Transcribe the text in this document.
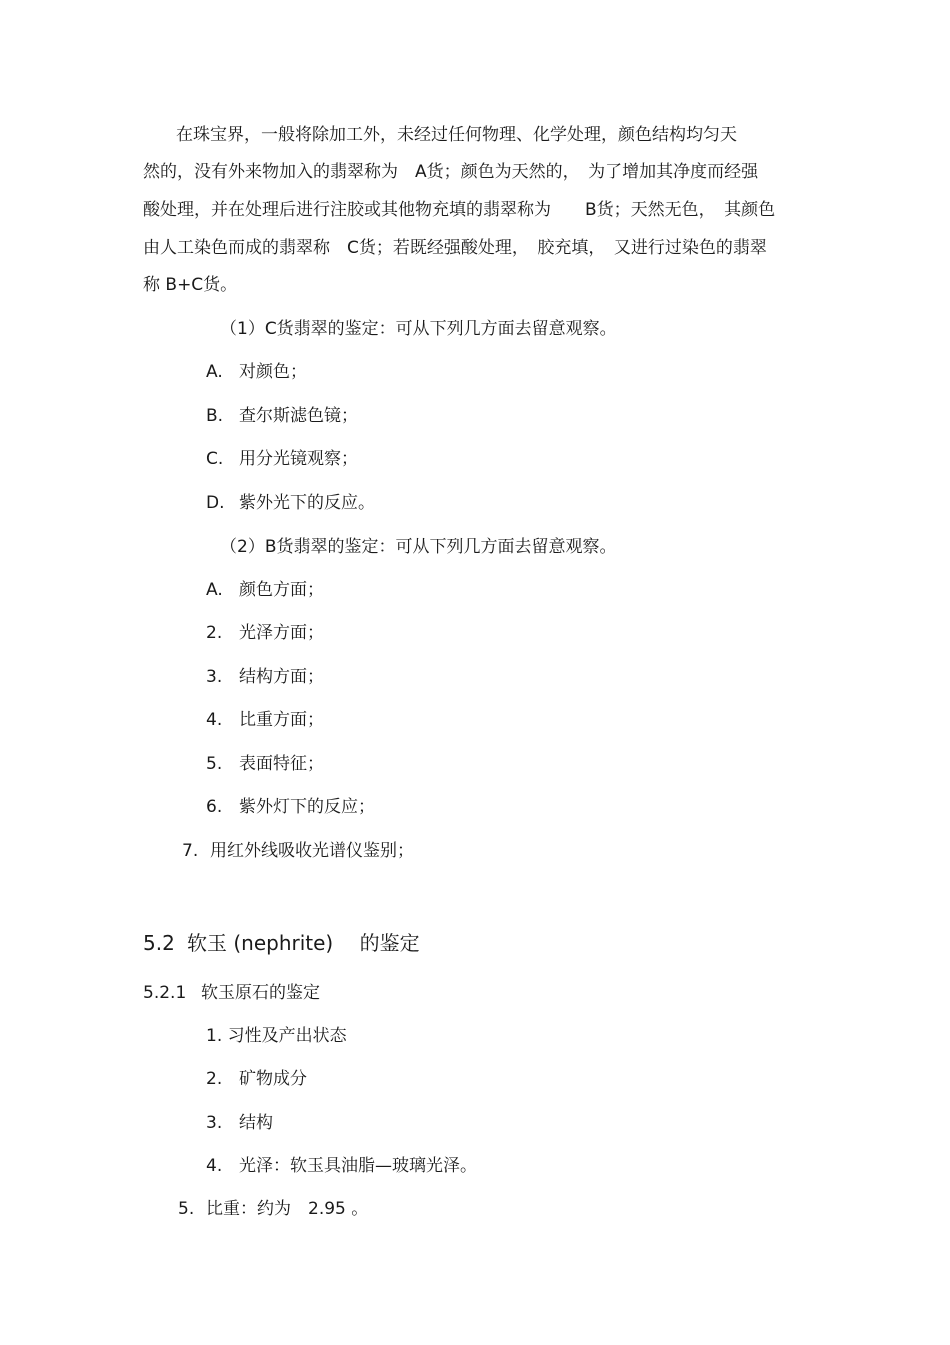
在珠宝界，一般将除加工外，未经过任何物理、化学处理，颜色结构均匀天
然的，没有外来物加入的翡翠称为　A货；颜色为天然的，　为了增加其净度而经强
酸处理，并在处理后进行注胶或其他物充填的翡翠称为　　B货；天然无色，　其颜色
由人工染色而成的翡翠称　C货；若既经强酸处理，　胶充填，　又进行过染色的翡翠
称 B+C货。
（1）C货翡翠的鉴定：可从下列几方面去留意观察。
A. 对颜色；
B. 查尔斯滤色镜；
C. 用分光镜观察；
D. 紫外光下的反应。
（2）B货翡翠的鉴定：可从下列几方面去留意观察。
A. 颜色方面；
2. 光泽方面；
3. 结构方面；
4. 比重方面；
5. 表面特征；
6. 紫外灯下的反应；
7. 用红外线吸收光谱仪鉴别；
5.2 软玉 (nephrite)　 的鉴定
5.2.1 软玉原石的鉴定
1. 习性及产出状态
2. 矿物成分
3. 结构
4. 光泽：软玉具油脂—玻璃光泽。
5. 比重：约为　2.95 。
